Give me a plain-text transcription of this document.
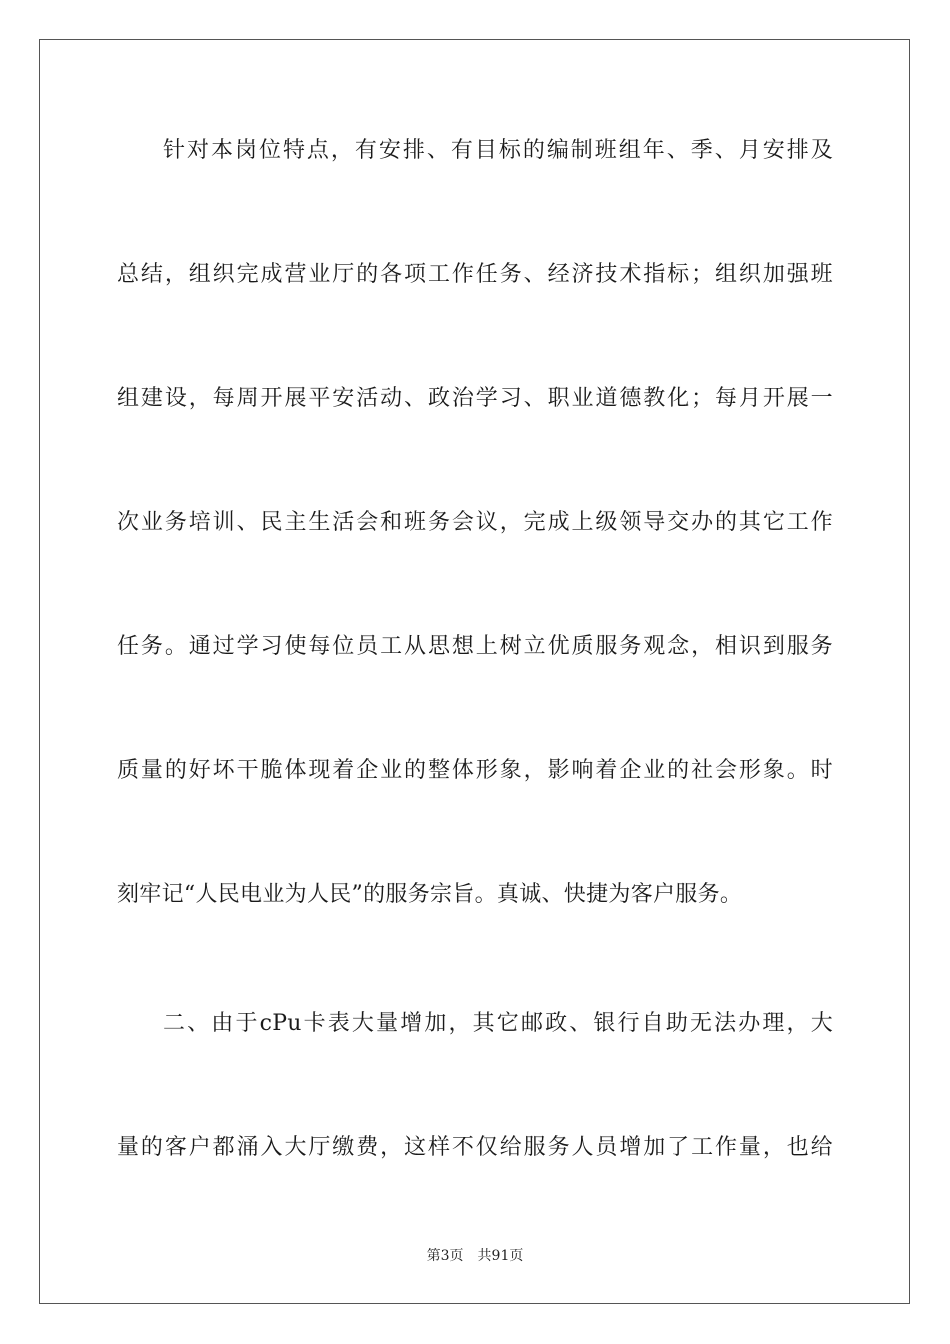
针对本岗位特点，有安排、有目标的编制班组年、季、月安排及
总结，组织完成营业厅的各项工作任务、经济技术指标；组织加强班
组建设，每周开展平安活动、政治学习、职业道德教化；每月开展一
次业务培训、民主生活会和班务会议，完成上级领导交办的其它工作
任务。通过学习使每位员工从思想上树立优质服务观念，相识到服务
质量的好坏干脆体现着企业的整体形象，影响着企业的社会形象。时
刻牢记“人民电业为人民”的服务宗旨。真诚、快捷为客户服务。
二、由于cPu卡表大量增加，其它邮政、银行自助无法办理，大
量的客户都涌入大厅缴费，这样不仅给服务人员增加了工作量，也给
第3页 共91页
